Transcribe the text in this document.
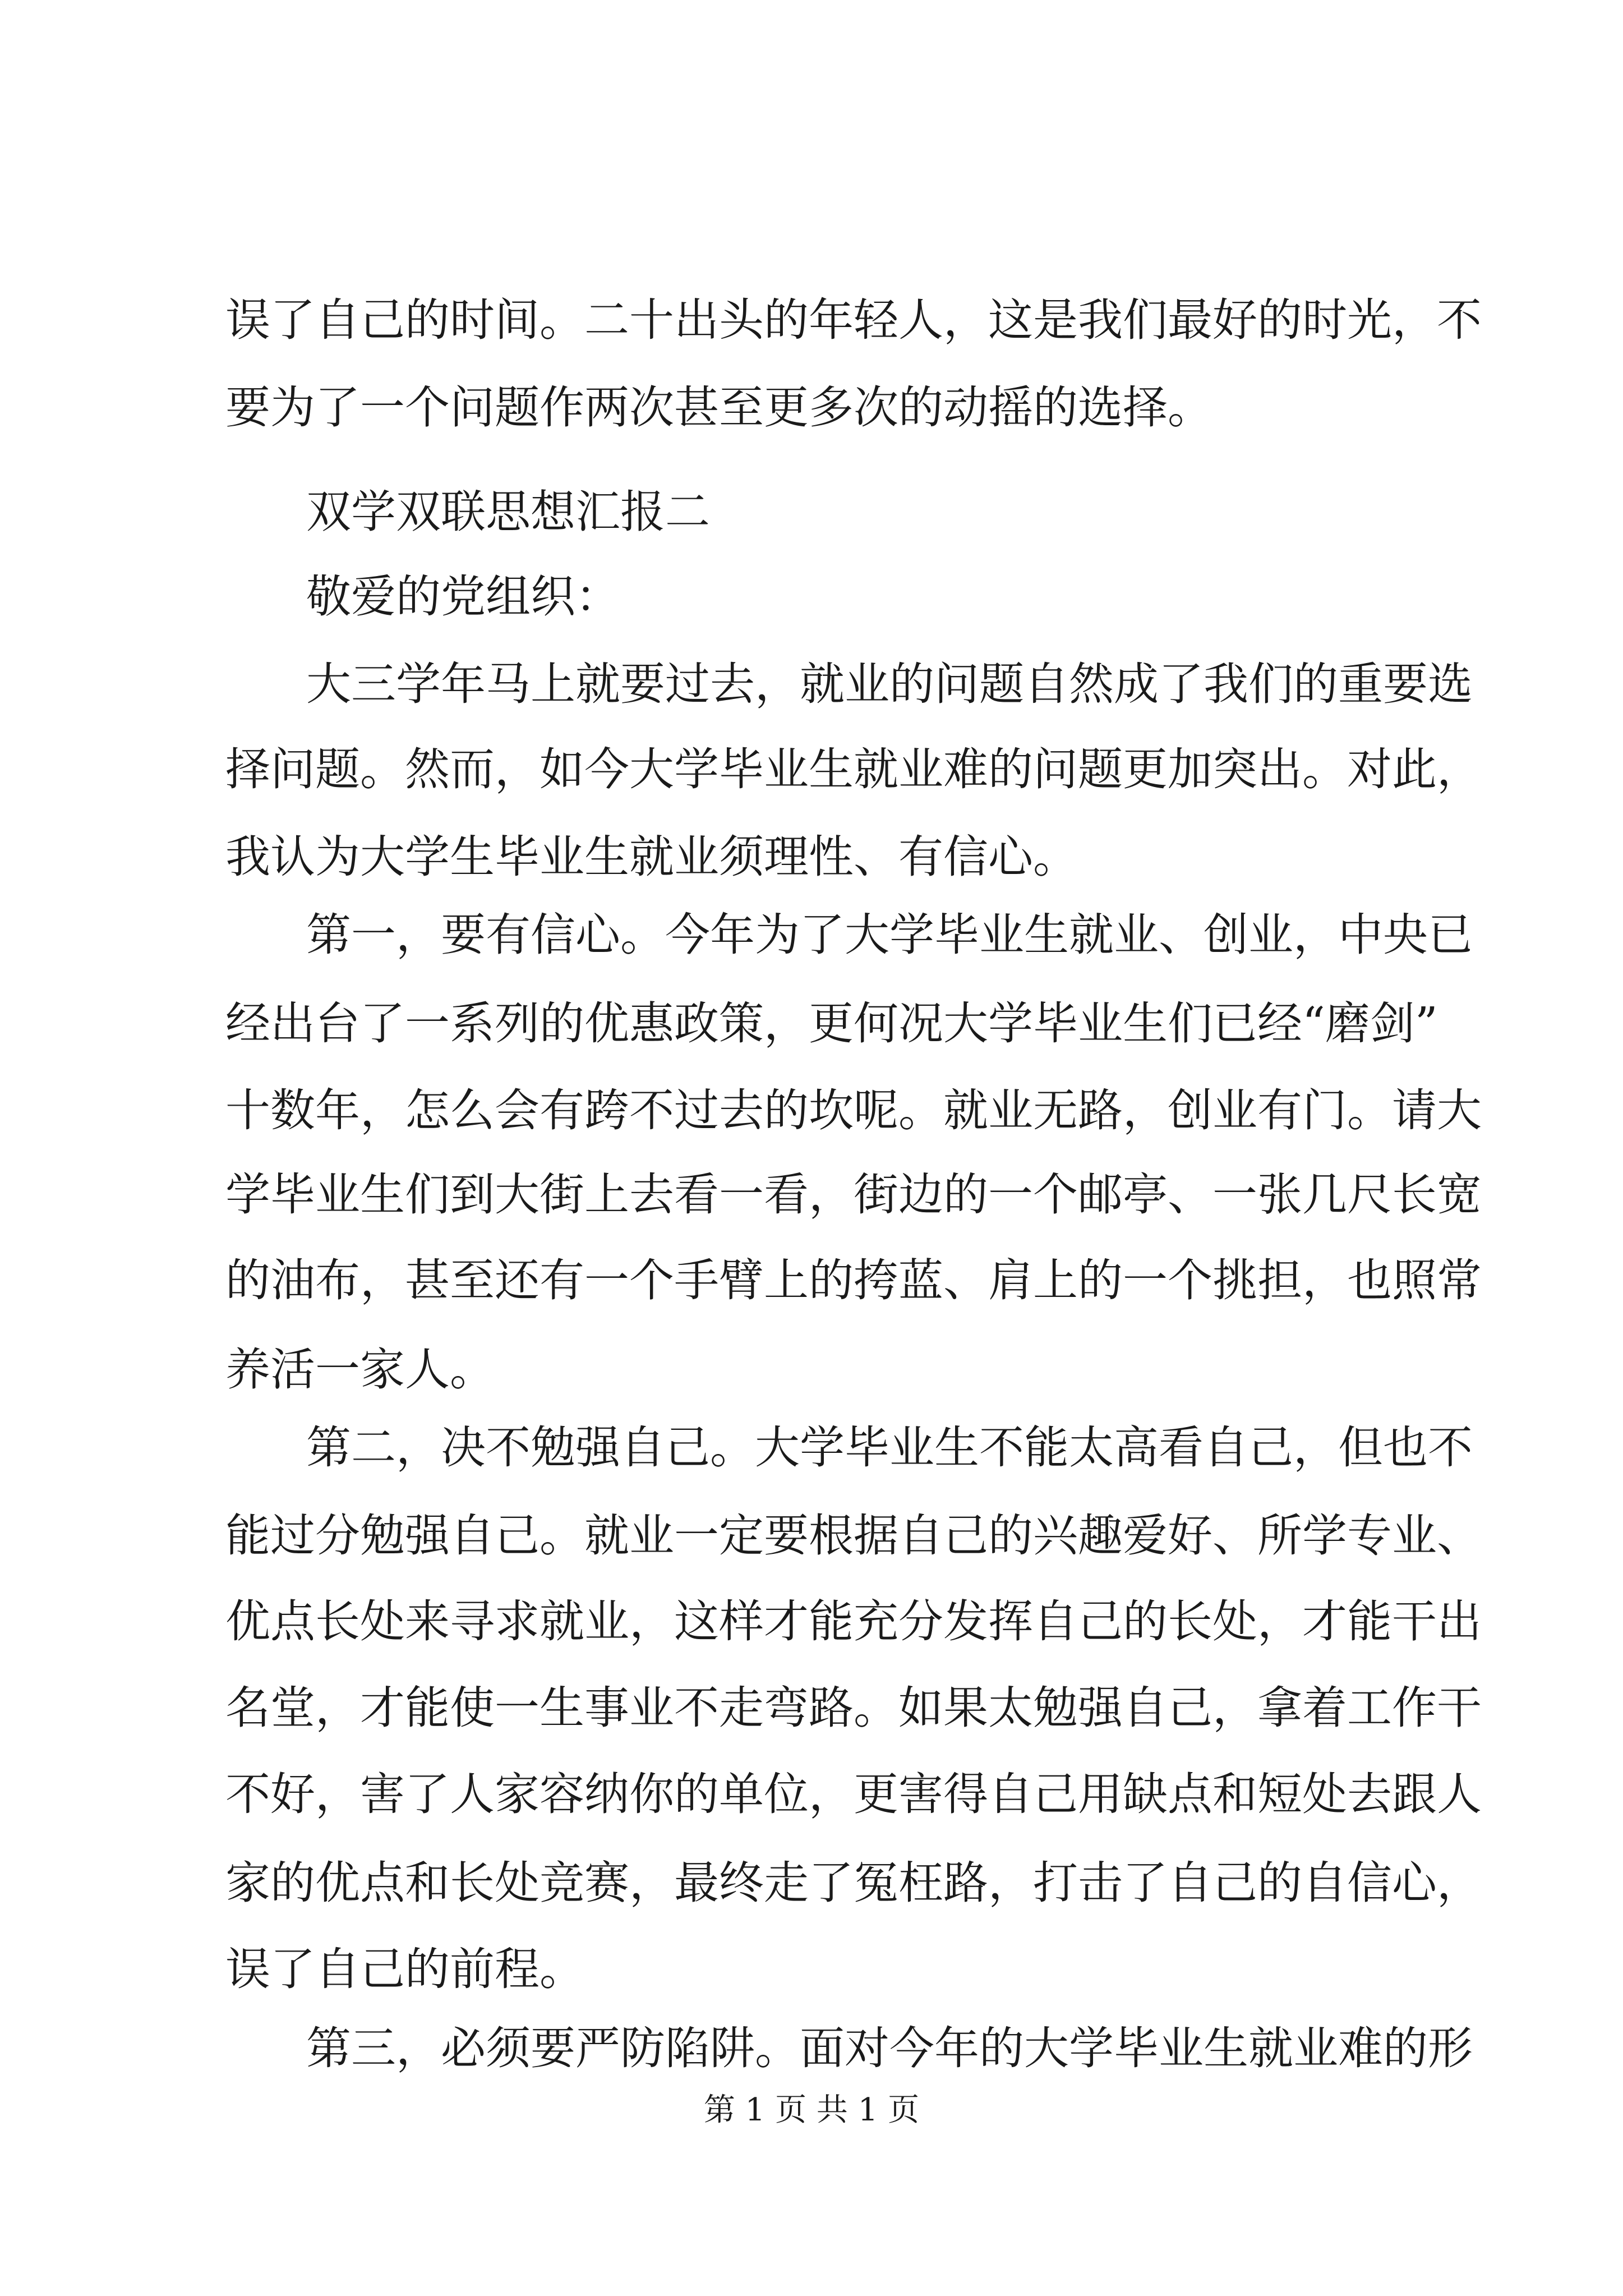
误了自己的时间。二十出头的年轻人，这是我们最好的时光，不

要为了一个问题作两次甚至更多次的动摇的选择。

双学双联思想汇报二

敬爱的党组织：

大三学年马上就要过去，就业的问题自然成了我们的重要选

择问题。然而，如今大学毕业生就业难的问题更加突出。对此，

我认为大学生毕业生就业须理性、有信心。

第一，要有信心。今年为了大学毕业生就业、创业，中央已

经出台了一系列的优惠政策，更何况大学毕业生们已经“磨剑”

十数年，怎么会有跨不过去的坎呢。就业无路，创业有门。请大

学毕业生们到大街上去看一看，街边的一个邮亭、一张几尺长宽

的油布，甚至还有一个手臂上的挎蓝、肩上的一个挑担，也照常

养活一家人。

第二，决不勉强自己。大学毕业生不能太高看自己，但也不

能过分勉强自己。就业一定要根据自己的兴趣爱好、所学专业、

优点长处来寻求就业，这样才能充分发挥自己的长处，才能干出

名堂，才能使一生事业不走弯路。如果太勉强自己，拿着工作干

不好，害了人家容纳你的单位，更害得自己用缺点和短处去跟人

家的优点和长处竞赛，最终走了冤枉路，打击了自己的自信心，

误了自己的前程。

第三，必须要严防陷阱。面对今年的大学毕业生就业难的形

第 1 页 共 1 页
